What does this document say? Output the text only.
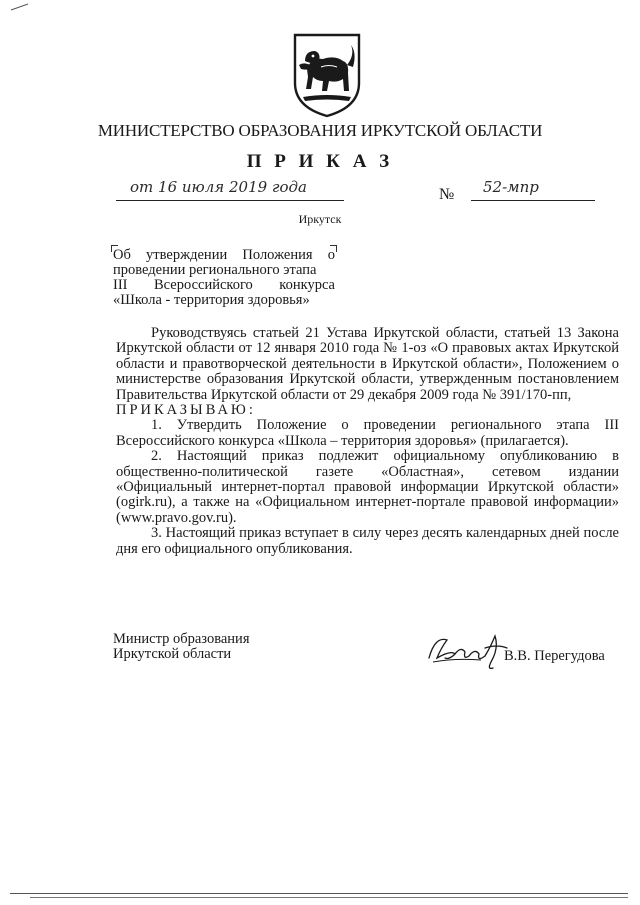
МИНИСТЕРСТВО ОБРАЗОВАНИЯ ИРКУТСКОЙ ОБЛАСТИ
П Р И К А З
от 16 июля 2019 года	№ 52-мпр
Иркутск
Об утверждении Положения о
проведении регионального этапа
III Всероссийского конкурса
«Школа - территория здоровья»
Руководствуясь статьей 21 Устава Иркутской области, статьей 13 Закона Иркутской области от 12 января 2010 года № 1-оз «О правовых актах Иркутской области и правотворческой деятельности в Иркутской области», Положением о министерстве образования Иркутской области, утвержденным постановлением Правительства Иркутской области от 29 декабря 2009 года № 391/170-пп,
ПРИКАЗЫВАЮ:
1. Утвердить Положение о проведении регионального этапа III Всероссийского конкурса «Школа – территория здоровья» (прилагается).
2. Настоящий приказ подлежит официальному опубликованию в общественно-политической газете «Областная», сетевом издании «Официальный интернет-портал правовой информации Иркутской области» (ogirk.ru), а также на «Официальном интернет-портале правовой информации» (www.pravo.gov.ru).
3. Настоящий приказ вступает в силу через десять календарных дней после дня его официального опубликования.
Министр образования
Иркутской области	В.В. Перегудова
